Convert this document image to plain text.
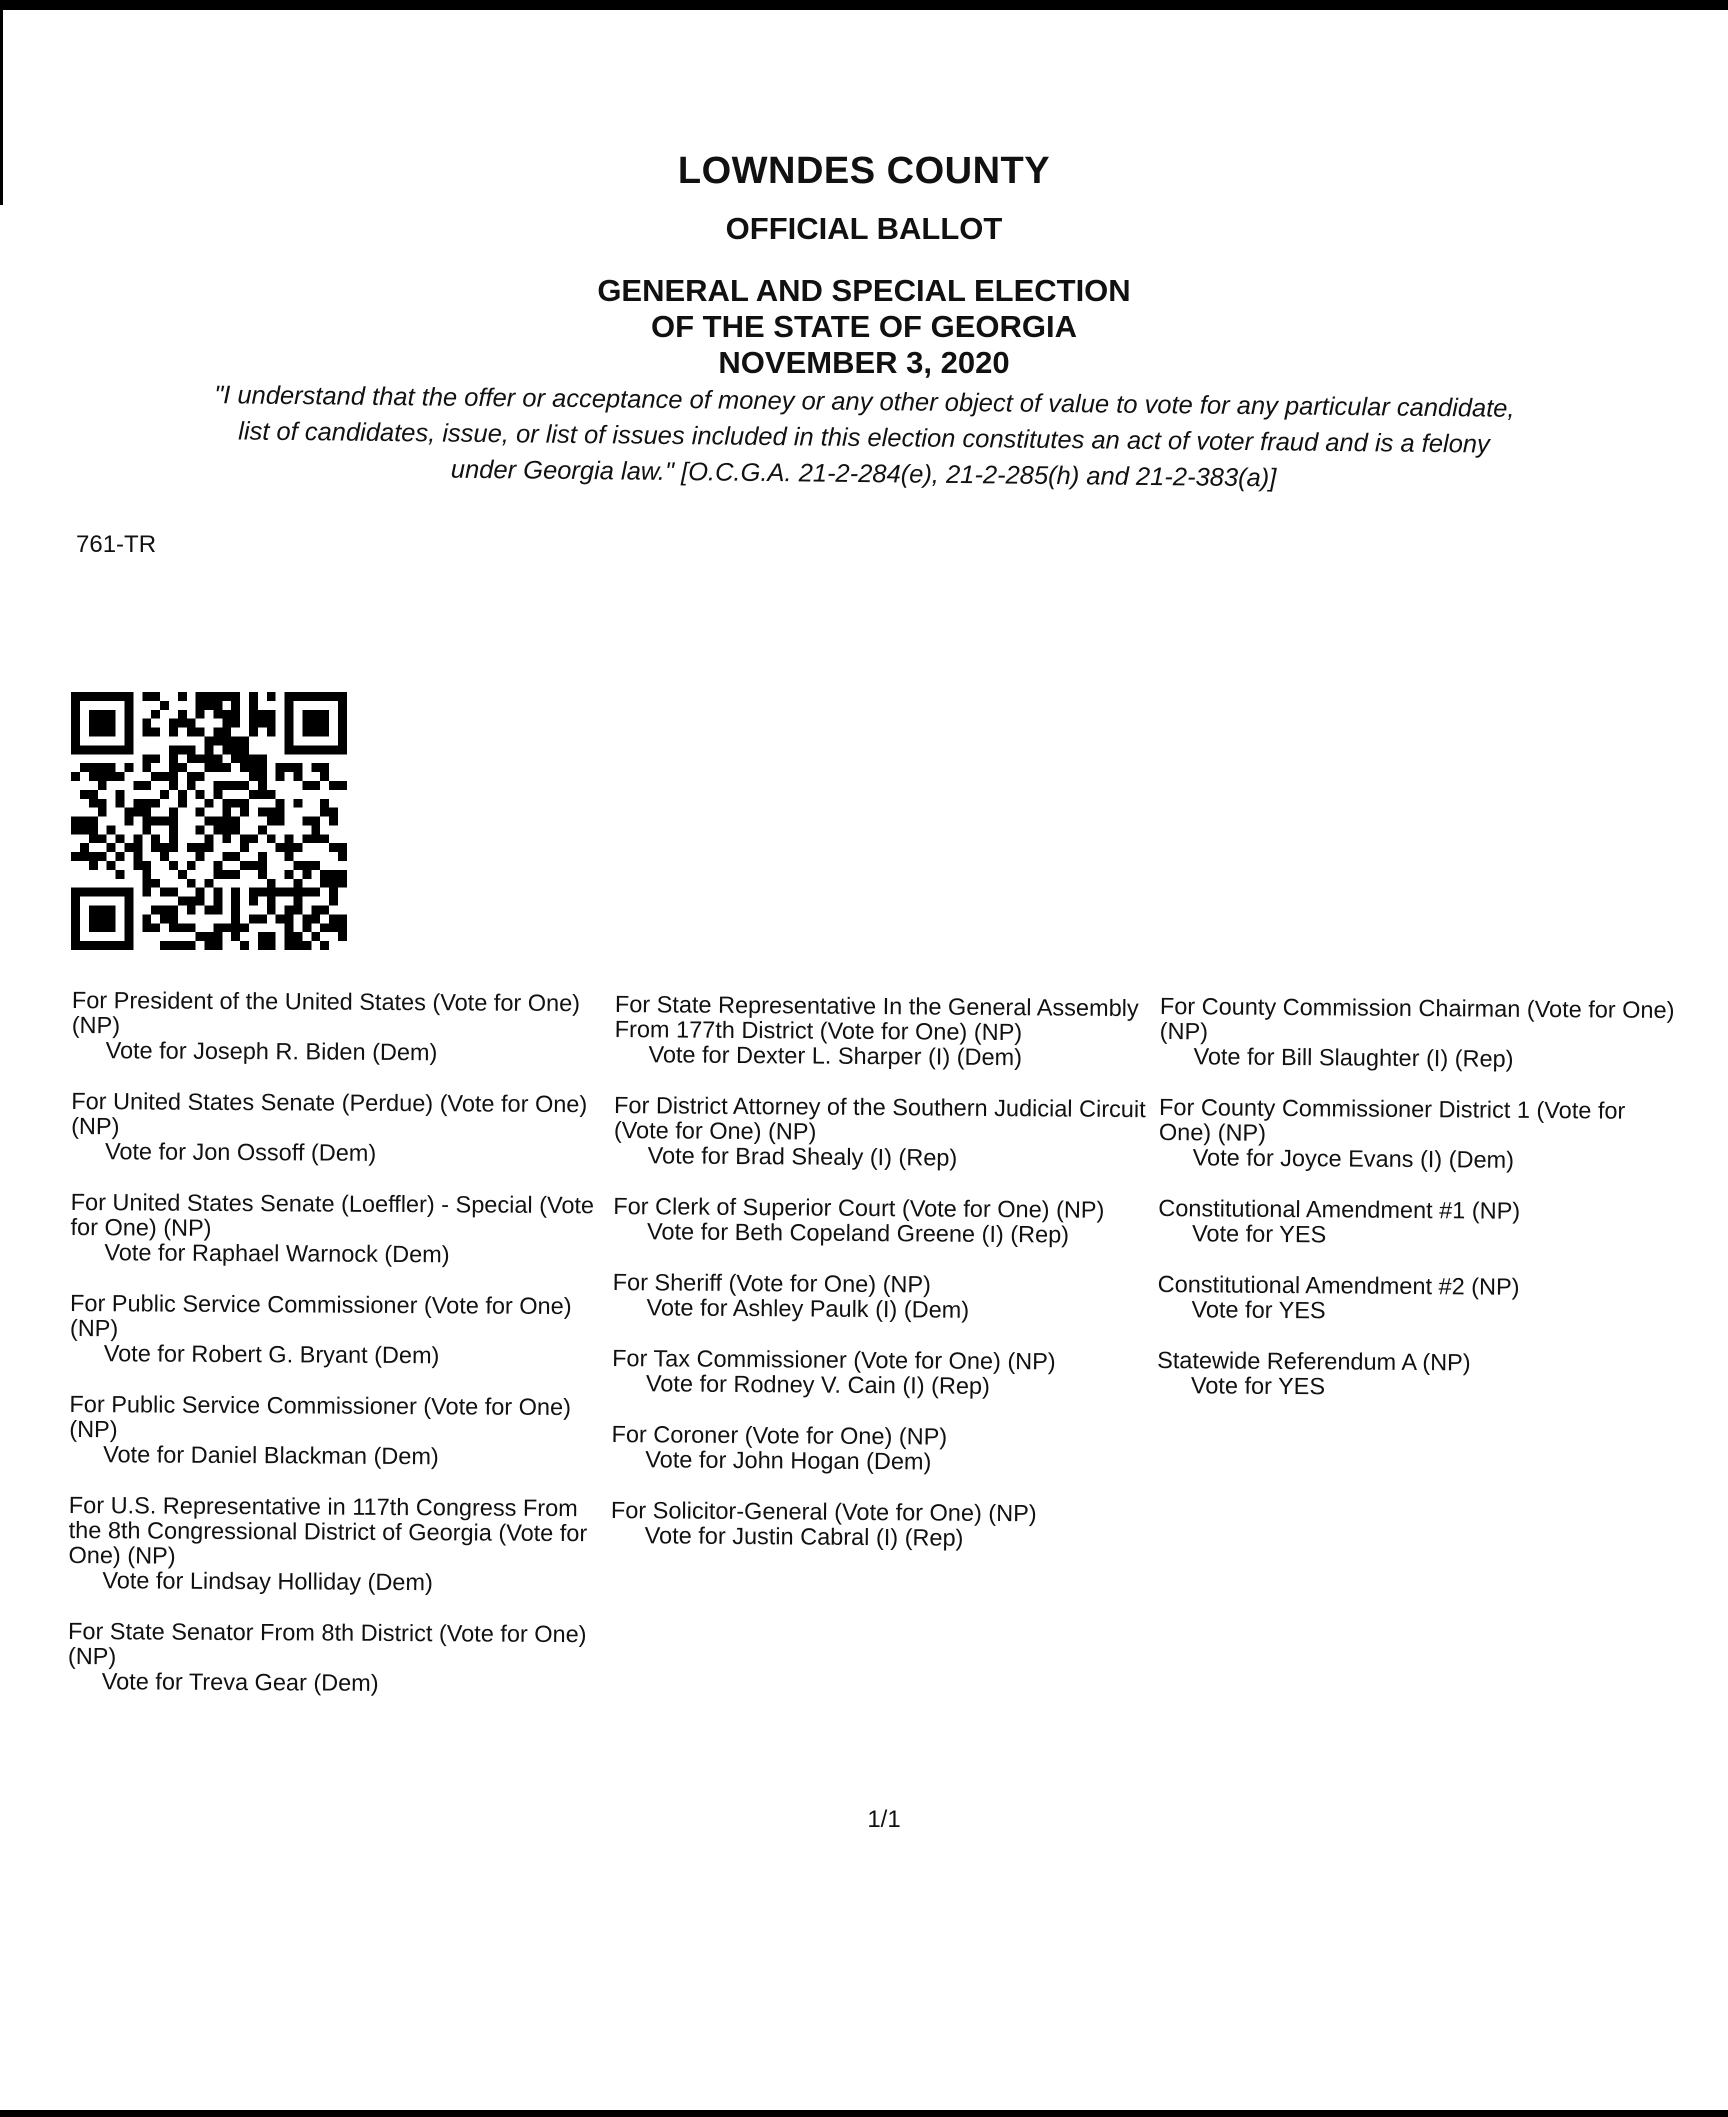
LOWNDES COUNTY
OFFICIAL BALLOT
GENERAL AND SPECIAL ELECTION
OF THE STATE OF GEORGIA
NOVEMBER 3, 2020
"I understand that the offer or acceptance of money or any other object of value to vote for any particular candidate,
list of candidates, issue, or list of issues included in this election constitutes an act of voter fraud and is a felony
under Georgia law." [O.C.G.A. 21-2-284(e), 21-2-285(h) and 21-2-383(a)]
761-TR
For President of the United States (Vote for One) (NP)
Vote for Joseph R. Biden (Dem)
For United States Senate (Perdue) (Vote for One) (NP)
Vote for Jon Ossoff (Dem)
For United States Senate (Loeffler) - Special (Vote for One) (NP)
Vote for Raphael Warnock (Dem)
For Public Service Commissioner (Vote for One) (NP)
Vote for Robert G. Bryant (Dem)
For Public Service Commissioner (Vote for One) (NP)
Vote for Daniel Blackman (Dem)
For U.S. Representative in 117th Congress From the 8th Congressional District of Georgia (Vote for One) (NP)
Vote for Lindsay Holliday (Dem)
For State Senator From 8th District (Vote for One) (NP)
Vote for Treva Gear (Dem)
For State Representative In the General Assembly From 177th District (Vote for One) (NP)
Vote for Dexter L. Sharper (I) (Dem)
For District Attorney of the Southern Judicial Circuit (Vote for One) (NP)
Vote for Brad Shealy (I) (Rep)
For Clerk of Superior Court (Vote for One) (NP)
Vote for Beth Copeland Greene (I) (Rep)
For Sheriff (Vote for One) (NP)
Vote for Ashley Paulk (I) (Dem)
For Tax Commissioner (Vote for One) (NP)
Vote for Rodney V. Cain (I) (Rep)
For Coroner (Vote for One) (NP)
Vote for John Hogan (Dem)
For Solicitor-General (Vote for One) (NP)
Vote for Justin Cabral (I) (Rep)
For County Commission Chairman (Vote for One) (NP)
Vote for Bill Slaughter (I) (Rep)
For County Commissioner District 1 (Vote for One) (NP)
Vote for Joyce Evans (I) (Dem)
Constitutional Amendment #1 (NP)
Vote for YES
Constitutional Amendment #2 (NP)
Vote for YES
Statewide Referendum A (NP)
Vote for YES
1/1
